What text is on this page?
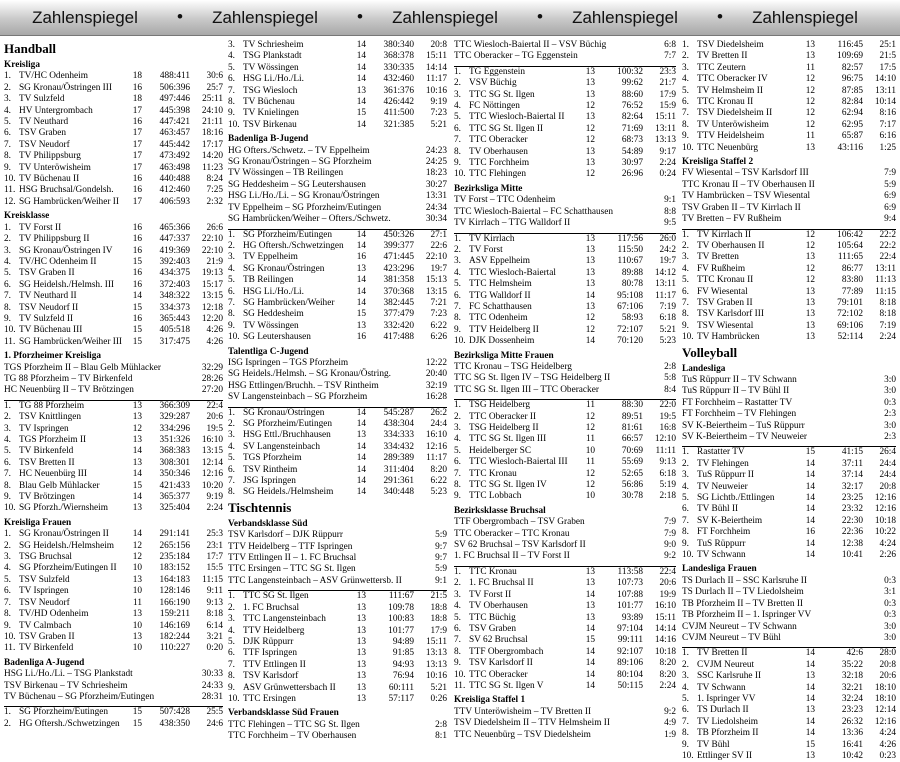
Zahlenspiegel	•	Zahlenspiegel	•	Zahlenspiegel	•	Zahlenspiegel	•	Zahlenspiegel
Handball
Kreisliga
1. TV/HC Odenheim	18	488:411	30:6
2. SG Kronau/Östringen III	16	506:396	25:7
3. TV Sulzfeld	18	497:446	25:11
4. HV Untergrombach	17	445:398	24:10
5. TV Neuthard	16	447:421	21:11
6. TSV Graben	17	463:457	18:16
7. TSV Neudorf	17	445:442	17:17
8. TV Philippsburg	17	473:492	14:20
9. TV Unteröwisheim	17	463:498	11:23
10. TV Büchenau II	16	440:488	8:24
11. HSG Bruchsal/Gondelsh.	16	412:460	7:25
12. SG Hambrücken/Weiher II	17	406:593	2:32
Kreisklasse
1. TV Forst II	16	465:366	26:6
2. TV Philippsburg II	16	447:337	22:10
3. SG Kronau/Östringen IV	16	419:369	22:10
4. TV/HC Odenheim II	15	392:403	21:9
5. TSV Graben II	16	434:375	19:13
6. SG Heidelsh./Helmsh. III	16	372:403	15:17
7. TV Neuthard II	14	348:322	13:15
8. TSV Neudorf II	15	334:373	12:18
9. TV Sulzfeld II	16	365:443	12:20
10. TV Büchenau III	15	405:518	4:26
11. SG Hambrücken/Weiher III	15	317:475	4:26
1. Pforzheimer Kreisliga
TGS Pforzheim II – Blau Gelb Mühlacker	32:29
TG 88 Pforzheim – TV Birkenfeld	28:26
HC Neuenbürg II – TV Brötzingen	27:20
1. TG 88 Pforzheim	13	366:309	22:4
2. TSV Knittlingen	13	329:287	20:6
3. TV Ispringen	12	334:296	19:5
4. TGS Pforzheim II	13	351:326	16:10
5. TV Birkenfeld	14	368:383	13:15
6. TSV Bretten II	13	308:301	12:14
7. HC Neuenbürg III	14	350:346	12:16
8. Blau Gelb Mühlacker	15	421:433	10:20
9. TV Brötzingen	14	365:377	9:19
10. SG Pforzh./Wiernsheim	13	325:404	2:24
Kreisliga Frauen
1. SG Kronau/Östringen II	14	291:141	25:3
2. SG Heidelsh./Helmsheim	12	265:156	23:1
3. TSG Bruchsal	12	235:184	17:7
4. SG Pforzheim/Eutingen II	10	183:152	15:5
5. TSV Sulzfeld	13	164:183	11:15
6. TV Ispringen	10	128:146	9:11
7. TSV Neudorf	11	166:190	9:13
8. TV/HD Odenheim	13	159:211	8:18
9. TV Calmbach	10	146:169	6:14
10. TSV Graben II	13	182:244	3:21
11. TV Birkenfeld	10	110:227	0:20
Badenliga A-Jugend
HSG Li./Ho./Li. – TSG Plankstadt	30:33
TSV Birkenau – TV Schriesheim	24:33
TV Büchenau – SG Pforzheim/Eutingen	28:31
1. SG Pforzheim/Eutingen	15	507:428	25:5
2. HG Oftersh./Schwetzingen	15	438:350	24:6
3. TV Schriesheim	14	380:340	20:8
4. TSG Plankstadt	14	368:378	15:11
5. TV Wössingen	14	330:335	14:14
6. HSG Li./Ho./Li.	14	432:460	11:17
7. TSG Wiesloch	13	361:376	10:16
8. TV Büchenau	14	426:442	9:19
9. TV Knielingen	15	411:500	7:23
10. TSV Birkenau	14	321:385	5:21
Badenliga B-Jugend
HG Ofters./Schwetz. – TV Eppelheim	24:23
SG Kronau/Östringen – SG Pforzheim	24:25
TV Wössingen – TB Reilingen	18:23
SG Heddesheim – SG Leutershausen	30:27
HSG Li./Ho./Li. – SG Kronau/Östringen	13:31
TV Eppelheim – SG Pforzheim/Eutingen	24:34
SG Hambrücken/Weiher – Ofters./Schwetz.	30:34
1. SG Pforzheim/Eutingen	14	450:326	27:1
2. HG Oftersh./Schwetzingen	14	399:377	22:6
3. TV Eppelheim	16	471:445	22:10
4. SG Kronau/Östringen	13	423:296	19:7
5. TB Reilingen	14	381:358	15:13
6. HSG Li./Ho./Li.	14	370:368	13:15
7. SG Hambrücken/Weiher	14	382:445	7:21
8. SG Heddesheim	15	377:479	7:23
9. TV Wössingen	13	332:420	6:22
10. SG Leutershausen	16	417:488	6:26
Talentliga C-Jugend
ISG Ispringen – TGS Pforzheim	12:22
SG Heidels./Helmsh. – SG Kronau/Östring.	20:40
HSG Ettlingen/Bruchh. – TSV Rintheim	32:19
SV Langensteinbach – SG Pforzheim	16:28
1. SG Kronau/Östringen	14	545:287	26:2
2. SG Pforzheim/Eutingen	14	438:304	24:4
3. HSG Ettl./Bruchhausen	13	334:333	16:10
4. SV Langensteinbach	14	334:432	12:16
5. TGS Pforzheim	14	289:389	11:17
6. TSV Rintheim	14	311:404	8:20
7. JSG Ispringen	14	291:361	6:22
8. SG Heidels./Helmsheim	14	340:448	5:23
Tischtennis
Verbandsklasse Süd
TSV Karlsdorf – DJK Rüppurr	5:9
TTV Heidelberg – TTF Ispringen	9:7
TTV Ettlingen II – 1. FC Bruchsal	9:7
TTC Ersingen – TTC SG St. Ilgen	5:9
TTC Langensteinbach – ASV Grünwettersb. II	9:1
1. TTC SG St. Ilgen	13	111:67	21:5
2. 1. FC Bruchsal	13	109:78	18:8
3. TTC Langensteinbach	13	100:83	18:8
4. TTV Heidelberg	13	101:77	17:9
5. DJK Rüppurr	13	94:89	15:11
6. TTF Ispringen	13	91:85	13:13
7. TTV Ettlingen II	13	94:93	13:13
8. TSV Karlsdorf	13	76:94	10:16
9. ASV Grünwettersbach II	13	60:111	5:21
10. TTC Ersingen	13	57:117	0:26
Verbandsklasse Süd Frauen
TTC Flehingen – TTC SG St. Ilgen	2:8
TTC Forchheim – TV Oberhausen	8:1
TTC Wiesloch-Baiertal II – VSV Büchig	6:8
TTC Oberacker – TG Eggenstein	7:7
1. TG Eggenstein	13	100:32	23:3
2. VSV Büchig	13	99:62	21:7
3. TTC SG St. Ilgen	13	88:60	17:9
4. FC Nöttingen	12	76:52	15:9
5. TTC Wiesloch-Baiertal II	13	82:64	15:11
6. TTC SG St. Ilgen II	12	71:69	13:11
7. TTC Oberacker	12	68:73	13:13
8. TV Oberhausen	13	54:89	9:17
9. TTC Forchheim	13	30:97	2:24
10. TTC Flehingen	12	26:96	0:24
Bezirksliga Mitte
TV Forst – TTC Odenheim	9:1
TTC Wiesloch-Baiertal – FC Schatthausen	8:8
TV Kirrlach – TTG Walldorf II	9:5
1. TV Kirrlach	13	117:56	26:0
2. TV Forst	13	115:50	24:2
3. ASV Eppelheim	13	110:67	19:7
4. TTC Wiesloch-Baiertal	13	89:88	14:12
5. TTC Helmsheim	13	80:78	13:11
6. TTG Walldorf II	14	95:108	11:17
7. FC Schatthausen	13	67:106	7:19
8. TTC Odenheim	12	58:93	6:18
9. TTV Heidelberg II	12	72:107	5:21
10. DJK Dossenheim	14	70:120	5:23
Bezirksliga Mitte Frauen
TTC Kronau – TSG Heidelberg	2:8
TTC SG St. Ilgen IV – TSG Heidelberg II	5:8
TTC SG St. Ilgen III – TTC Oberacker	8:4
1. TSG Heidelberg	11	88:30	22:0
2. TTC Oberacker II	12	89:51	19:5
3. TSG Heidelberg II	12	81:61	16:8
4. TTC SG St. Ilgen III	11	66:57	12:10
5. Heidelberger SC	10	70:69	11:11
6. TTC Wiesloch-Baiertal III	11	55:69	9:13
7. TTC Kronau	12	52:65	6:18
8. TTC SG St. Ilgen IV	12	56:86	5:19
9. TTC Lobbach	10	30:78	2:18
Bezirksklasse Bruchsal
TTF Obergrombach – TSV Graben	7:9
TTC Oberacker – TTC Kronau	7:9
SV 62 Bruchsal – TSV Karlsdorf II	9:0
1. FC Bruchsal II – TV Forst II	9:2
1. TTC Kronau	13	113:58	22:4
2. 1. FC Bruchsal II	13	107:73	20:6
3. TV Forst II	14	107:88	19:9
4. TV Oberhausen	13	101:77	16:10
5. TTC Büchig	13	93:89	15:11
6. TSV Graben	14	97:104	14:14
7. SV 62 Bruchsal	15	99:111	14:16
8. TTF Obergrombach	14	92:107	10:18
9. TSV Karlsdorf II	14	89:106	8:20
10. TTC Oberacker	14	80:104	8:20
11. TTC SG St. Ilgen V	14	50:115	2:24
Kreisliga Staffel 1
TTV Unteröwisheim – TV Bretten II	9:2
TSV Diedelsheim II – TTV Helmsheim II	4:9
TTC Neuenbürg – TSV Diedelsheim	1:9
1. TSV Diedelsheim	13	116:45	25:1
2. TV Bretten II	13	109:69	21:5
3. TTC Zeutern	11	82:57	17:5
4. TTC Oberacker IV	12	96:75	14:10
5. TV Helmsheim II	12	87:85	13:11
6. TTC Kronau II	12	82:84	10:14
7. TSV Diedelsheim II	12	62:94	8:16
8. TV Unteröwisheim	12	62:95	7:17
9. TTV Heidelsheim	11	65:87	6:16
10. TTC Neuenbürg	13	43:116	1:25
Kreisliga Staffel 2
FV Wiesental – TSV Karlsdorf III	7:9
TTC Kronau II – TV Oberhausen II	5:9
TV Hambrücken – TSV Wiesental	6:9
TSV Graben II – TV Kirrlach II	6:9
TV Bretten – FV Rußheim	9:4
1. TV Kirrlach II	12	106:42	22:2
2. TV Oberhausen II	12	105:64	22:2
3. TV Bretten	13	111:65	22:4
4. FV Rußheim	12	86:77	13:11
5. TTC Kronau II	12	83:80	11:13
6. FV Wiesental	13	77:89	11:15
7. TSV Graben II	13	79:101	8:18
8. TSV Karlsdorf III	13	72:102	8:18
9. TSV Wiesental	13	69:106	7:19
10. TV Hambrücken	13	52:114	2:24
Volleyball
Landesliga
TuS Rüppurr II – TV Schwann	3:0
TuS Rüppurr II – TV Bühl II	3:0
FT Forchheim – Rastatter TV	0:3
FT Forchheim – TV Flehingen	2:3
SV K-Beiertheim – TuS Rüppurr	3:0
SV K-Beiertheim – TV Neuweier	2:3
1. Rastatter TV	15	41:15	26:4
2. TV Flehingen	14	37:11	24:4
3. TuS Rüppurr II	14	37:14	24:4
4. TV Neuweier	14	32:17	20:8
5. SG Lichtb./Ettlingen	14	23:25	12:16
6. TV Bühl II	14	23:32	12:16
7. SV K-Beiertheim	14	22:30	10:18
8. FT Forchheim	16	22:36	10:22
9. TuS Rüppurr	14	12:38	4:24
10. TV Schwann	14	10:41	2:26
Landesliga Frauen
TS Durlach II – SSC Karlsruhe II	0:3
TS Durlach II – TV Liedolsheim	3:1
TB Pforzheim II – TV Bretten II	0:3
TB Pforzheim II – 1. Ispringer VV	0:3
CVJM Neureut – TV Schwann	3:0
CVJM Neureut – TV Bühl	3:0
1. TV Bretten II	14	42:6	28:0
2. CVJM Neureut	14	35:22	20:8
3. SSC Karlsruhe II	13	32:18	20:6
4. TV Schwann	14	32:21	18:10
5. 1. Ispringer VV	14	32:24	18:10
6. TS Durlach II	13	23:23	12:14
7. TV Liedolsheim	14	26:32	12:16
8. TB Pforzheim II	14	13:36	4:24
9. TV Bühl	15	16:41	4:26
10. Ettlinger SV II	13	10:42	0:23
